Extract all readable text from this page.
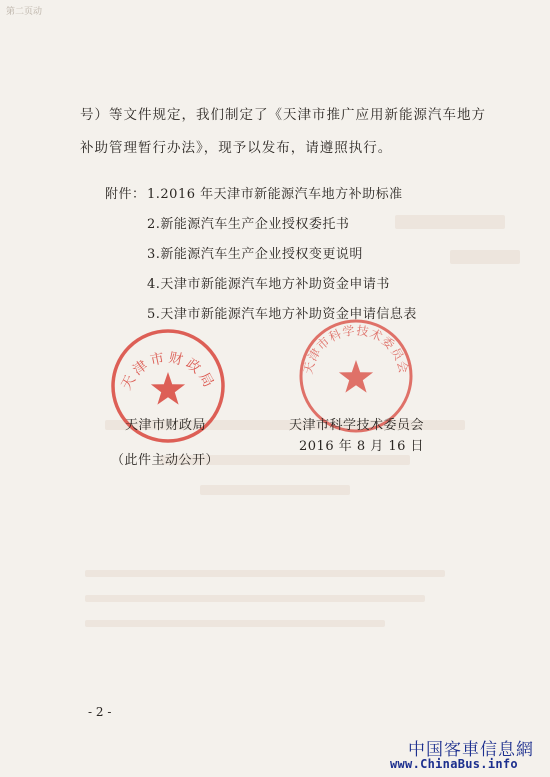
第二页动
号）等文件规定，我们制定了《天津市推广应用新能源汽车地方
补助管理暂行办法》，现予以发布，请遵照执行。
附件： 1.2016 年天津市新能源汽车地方补助标准
2.新能源汽车生产企业授权委托书
3.新能源汽车生产企业授权变更说明
4.天津市新能源汽车地方补助资金申请书
5.天津市新能源汽车地方补助资金申请信息表
天津市财政局
天津市科学技术委员会
天津市财政局	天津市科学技术委员会
2016 年 8 月 16 日
（此件主动公开）
- 2 -
中国客車信息網
www.ChinaBus.info
